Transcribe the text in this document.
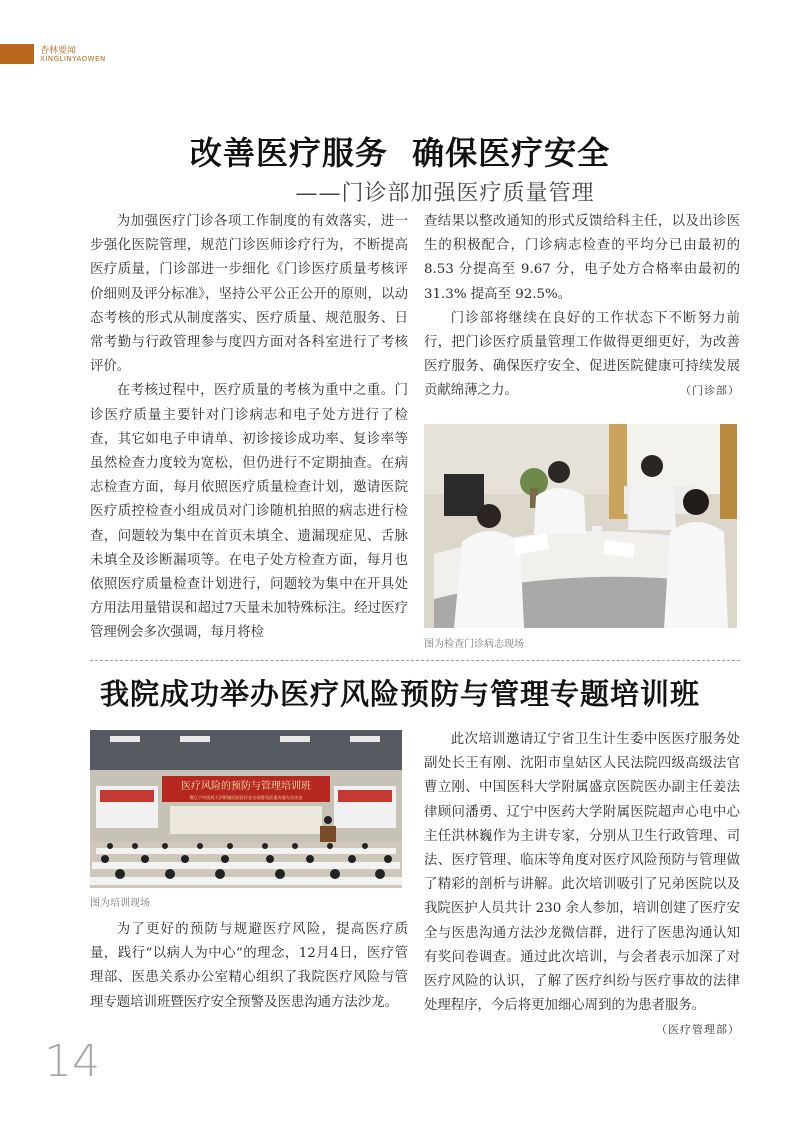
杏林要闻
XINGLINYAOWEN
改善医疗服务  确保医疗安全
——门诊部加强医疗质量管理

为加强医疗门诊各项工作制度的有效落实，进一步强化医院管理，规范门诊医师诊疗行为，不断提高医疗质量，门诊部进一步细化《门诊医疗质量考核评价细则及评分标准》，坚持公平公正公开的原则，以动态考核的形式从制度落实、医疗质量、规范服务、日常考勤与行政管理参与度四方面对各科室进行了考核评价。

在考核过程中，医疗质量的考核为重中之重。门诊医疗质量主要针对门诊病志和电子处方进行了检查，其它如电子申请单、初诊接诊成功率、复诊率等虽然检查力度较为宽松，但仍进行不定期抽查。在病志检查方面，每月依照医疗质量检查计划，邀请医院医疗质控检查小组成员对门诊随机拍照的病志进行检查，问题较为集中在首页未填全、遗漏现症见、舌脉未填全及诊断漏项等。在电子处方检查方面，每月也依照医疗质量检查计划进行，问题较为集中在开具处方用法用量错误和超过7天量未加特殊标注。经过医疗管理例会多次强调，每月将检

查结果以整改通知的形式反馈给科主任，以及出诊医生的积极配合，门诊病志检查的平均分已由最初的 8.53 分提高至 9.67 分，电子处方合格率由最初的 31.3% 提高至 92.5%。

门诊部将继续在良好的工作状态下不断努力前行，把门诊医疗质量管理工作做得更细更好，为改善医疗服务、确保医疗安全、促进医院健康可持续发展贡献绵薄之力。	（门诊部）

图为检查门诊病志现场
我院成功举办医疗风险预防与管理专题培训班
医疗风险的预防与管理培训班
暨辽宁中医药大学附属医院医疗安全预警及医患沟通方法沙龙
图为培训现场

为了更好的预防与规避医疗风险，提高医疗质量，践行“以病人为中心”的理念，12月4日，医疗管理部、医患关系办公室精心组织了我院医疗风险与管理专题培训班暨医疗安全预警及医患沟通方法沙龙。

此次培训邀请辽宁省卫生计生委中医医疗服务处副处长王有刚、沈阳市皇姑区人民法院四级高级法官曹立刚、中国医科大学附属盛京医院医办副主任姜法律顾问潘勇、辽宁中医药大学附属医院超声心电中心主任洪林巍作为主讲专家，分别从卫生行政管理、司法、医疗管理、临床等角度对医疗风险预防与管理做了精彩的剖析与讲解。此次培训吸引了兄弟医院以及我院医护人员共计 230 余人参加，培训创建了医疗安全与医患沟通方法沙龙微信群，进行了医患沟通认知有奖问卷调查。通过此次培训，与会者表示加深了对医疗风险的认识，了解了医疗纠纷与医疗事故的法律处理程序，今后将更加细心周到的为患者服务。
（医疗管理部）

14
